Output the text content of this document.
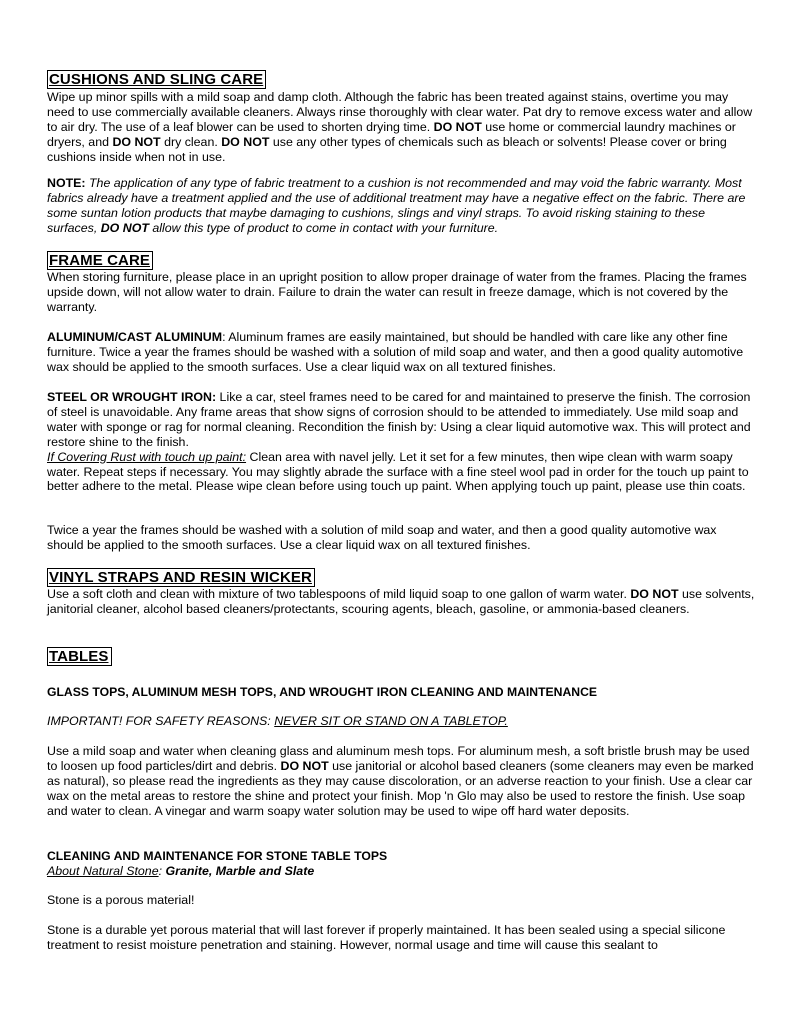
CUSHIONS AND SLING CARE

Wipe up minor spills with a mild soap and damp cloth. Although the fabric has been treated against stains, overtime you may need to use commercially available cleaners. Always rinse thoroughly with clear water. Pat dry to remove excess water and allow to air dry. The use of a leaf blower can be used to shorten drying time. DO NOT use home or commercial laundry machines or dryers, and DO NOT dry clean. DO NOT use any other types of chemicals such as bleach or solvents! Please cover or bring cushions inside when not in use.

NOTE: The application of any type of fabric treatment to a cushion is not recommended and may void the fabric warranty. Most fabrics already have a treatment applied and the use of additional treatment may have a negative effect on the fabric. There are some suntan lotion products that maybe damaging to cushions, slings and vinyl straps. To avoid risking staining to these surfaces, DO NOT allow this type of product to come in contact with your furniture.

FRAME CARE

When storing furniture, please place in an upright position to allow proper drainage of water from the frames. Placing the frames upside down, will not allow water to drain. Failure to drain the water can result in freeze damage, which is not covered by the warranty.

ALUMINUM/CAST ALUMINUM: Aluminum frames are easily maintained, but should be handled with care like any other fine furniture. Twice a year the frames should be washed with a solution of mild soap and water, and then a good quality automotive wax should be applied to the smooth surfaces. Use a clear liquid wax on all textured finishes.

STEEL OR WROUGHT IRON: Like a car, steel frames need to be cared for and maintained to preserve the finish. The corrosion of steel is unavoidable. Any frame areas that show signs of corrosion should to be attended to immediately. Use mild soap and water with sponge or rag for normal cleaning. Recondition the finish by: Using a clear liquid automotive wax. This will protect and restore shine to the finish.
If Covering Rust with touch up paint: Clean area with navel jelly. Let it set for a few minutes, then wipe clean with warm soapy water. Repeat steps if necessary. You may slightly abrade the surface with a fine steel wool pad in order for the touch up paint to better adhere to the metal. Please wipe clean before using touch up paint. When applying touch up paint, please use thin coats.

Twice a year the frames should be washed with a solution of mild soap and water, and then a good quality automotive wax should be applied to the smooth surfaces. Use a clear liquid wax on all textured finishes.

VINYL STRAPS AND RESIN WICKER

Use a soft cloth and clean with mixture of two tablespoons of mild liquid soap to one gallon of warm water. DO NOT use solvents, janitorial cleaner, alcohol based cleaners/protectants, scouring agents, bleach, gasoline, or ammonia-based cleaners.

TABLES
GLASS TOPS, ALUMINUM MESH TOPS, AND WROUGHT IRON CLEANING AND MAINTENANCE

IMPORTANT! FOR SAFETY REASONS: NEVER SIT OR STAND ON A TABLETOP.

Use a mild soap and water when cleaning glass and aluminum mesh tops. For aluminum mesh, a soft bristle brush may be used to loosen up food particles/dirt and debris. DO NOT use janitorial or alcohol based cleaners (some cleaners may even be marked as natural), so please read the ingredients as they may cause discoloration, or an adverse reaction to your finish. Use a clear car wax on the metal areas to restore the shine and protect your finish. Mop 'n Glo may also be used to restore the finish. Use soap and water to clean. A vinegar and warm soapy water solution may be used to wipe off hard water deposits.

CLEANING AND MAINTENANCE FOR STONE TABLE TOPS

About Natural Stone: Granite, Marble and Slate

Stone is a porous material!

Stone is a durable yet porous material that will last forever if properly maintained. It has been sealed using a special silicone treatment to resist moisture penetration and staining. However, normal usage and time will cause this sealant to
